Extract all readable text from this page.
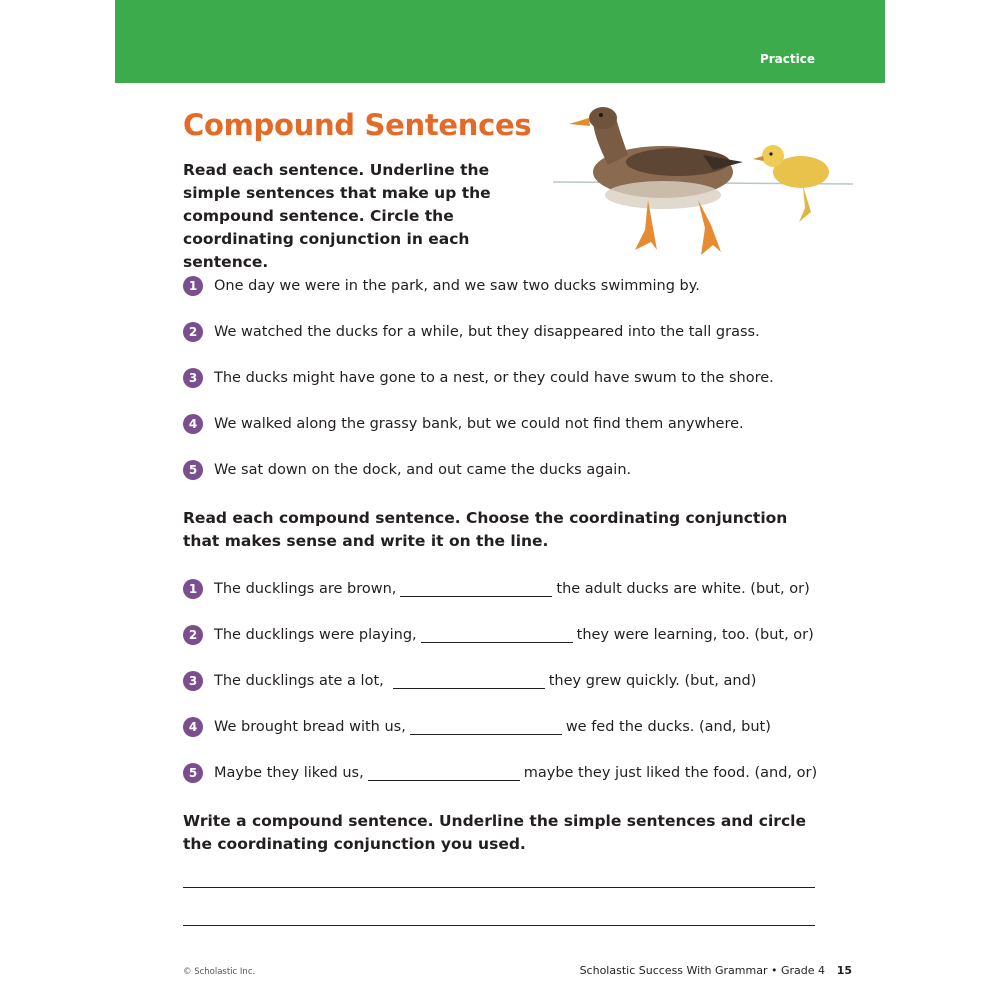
Practice
Compound Sentences

Read each sentence. Underline the simple sentences that make up the compound sentence. Circle the coordinating conjunction in each sentence.

1	One day we were in the park, and we saw two ducks swimming by.
2	We watched the ducks for a while, but they disappeared into the tall grass.
3	The ducks might have gone to a nest, or they could have swum to the shore.
4	We walked along the grassy bank, but we could not find them anywhere.
5	We sat down on the dock, and out came the ducks again.

Read each compound sentence. Choose the coordinating conjunction that makes sense and write it on the line.

1	The ducklings are brown,	the adult ducks are white. (but, or)
2	The ducklings were playing,	they were learning, too. (but, or)
3	The ducklings ate a lot,	they grew quickly. (but, and)
4	We brought bread with us,	we fed the ducks. (and, but)
5	Maybe they liked us,	maybe they just liked the food. (and, or)

Write a compound sentence. Underline the simple sentences and circle the coordinating conjunction you used.

© Scholastic Inc.	Scholastic Success With Grammar • Grade 4 15
